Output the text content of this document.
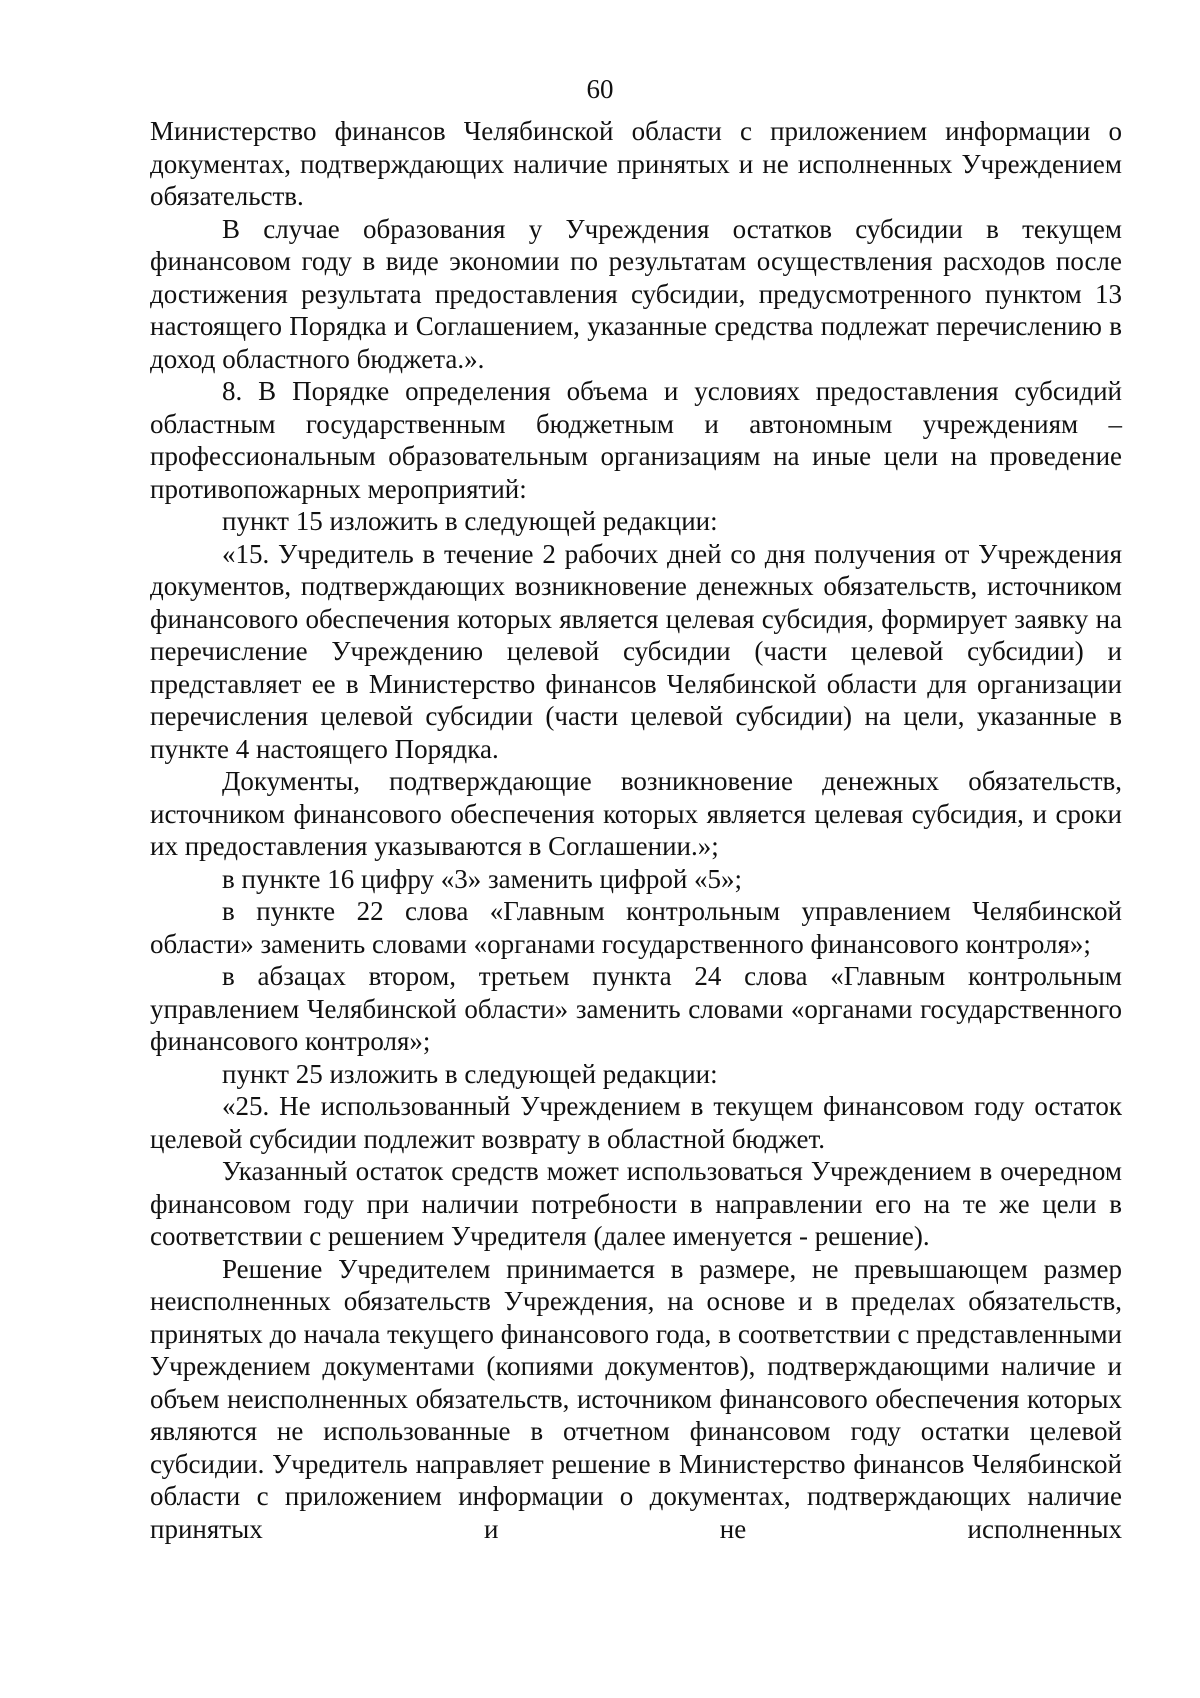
60

Министерство финансов Челябинской области с приложением информации о документах, подтверждающих наличие принятых и не исполненных Учреждением обязательств.

В случае образования у Учреждения остатков субсидии в текущем финансовом году в виде экономии по результатам осуществления расходов после достижения результата предоставления субсидии, предусмотренного пунктом 13 настоящего Порядка и Соглашением, указанные средства подлежат перечислению в доход областного бюджета.».

8. В Порядке определения объема и условиях предоставления субсидий областным государственным бюджетным и автономным учреждениям – профессиональным образовательным организациям на иные цели на проведение противопожарных мероприятий:

пункт 15 изложить в следующей редакции:

«15. Учредитель в течение 2 рабочих дней со дня получения от Учреждения документов, подтверждающих возникновение денежных обязательств, источником финансового обеспечения которых является целевая субсидия, формирует заявку на перечисление Учреждению целевой субсидии (части целевой субсидии) и представляет ее в Министерство финансов Челябинской области для организации перечисления целевой субсидии (части целевой субсидии) на цели, указанные в пункте 4 настоящего Порядка.

Документы, подтверждающие возникновение денежных обязательств, источником финансового обеспечения которых является целевая субсидия, и сроки их предоставления указываются в Соглашении.»;

в пункте 16 цифру «3» заменить цифрой «5»;

в пункте 22 слова «Главным контрольным управлением Челябинской области» заменить словами «органами государственного финансового контроля»;

в абзацах втором, третьем пункта 24 слова «Главным контрольным управлением Челябинской области» заменить словами «органами государственного финансового контроля»;

пункт 25 изложить в следующей редакции:

«25. Не использованный Учреждением в текущем финансовом году остаток целевой субсидии подлежит возврату в областной бюджет.

Указанный остаток средств может использоваться Учреждением в очередном финансовом году при наличии потребности в направлении его на те же цели в соответствии с решением Учредителя (далее именуется - решение).

Решение Учредителем принимается в размере, не превышающем размер неисполненных обязательств Учреждения, на основе и в пределах обязательств, принятых до начала текущего финансового года, в соответствии с представленными Учреждением документами (копиями документов), подтверждающими наличие и объем неисполненных обязательств, источником финансового обеспечения которых являются не использованные в отчетном финансовом году остатки целевой субсидии. Учредитель направляет решение в Министерство финансов Челябинской области с приложением информации о документах, подтверждающих наличие принятых и не исполненных
